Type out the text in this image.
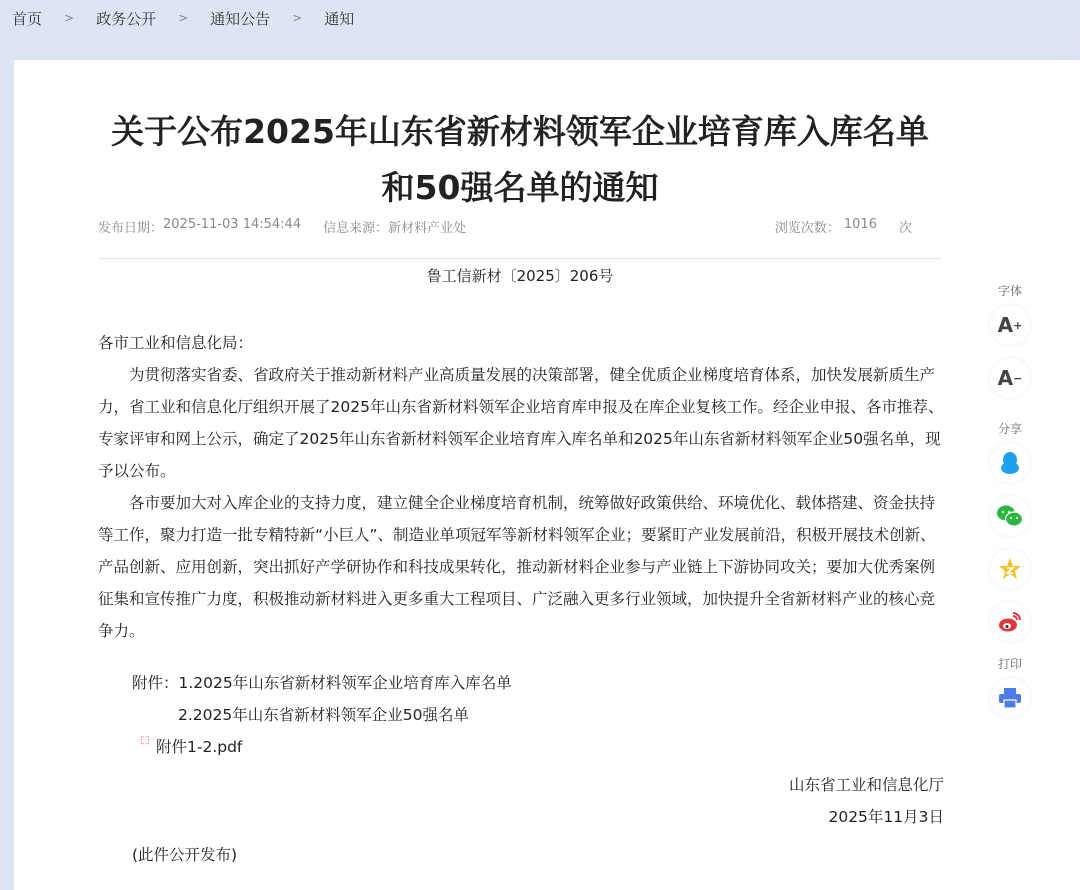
首页 > 政务公开 > 通知公告 > 通知
关于公布2025年山东省新材料领军企业培育库入库名单
和50强名单的通知
发布日期： 2025-11-03 14:54:44 信息来源： 新材料产业处	浏览次数： 1016 次
鲁工信新材〔2025〕206号

各市工业和信息化局：

为贯彻落实省委、省政府关于推动新材料产业高质量发展的决策部署，健全优质企业梯度培育体系，加快发展新质生产力，省工业和信息化厅组织开展了2025年山东省新材料领军企业培育库申报及在库企业复核工作。经企业申报、各市推荐、专家评审和网上公示，确定了2025年山东省新材料领军企业培育库入库名单和2025年山东省新材料领军企业50强名单，现予以公布。

各市要加大对入库企业的支持力度，建立健全企业梯度培育机制，统筹做好政策供给、环境优化、载体搭建、资金扶持等工作，聚力打造一批专精特新“小巨人”、制造业单项冠军等新材料领军企业；要紧盯产业发展前沿，积极开展技术创新、产品创新、应用创新，突出抓好产学研协作和科技成果转化，推动新材料企业参与产业链上下游协同攻关；要加大优秀案例征集和宣传推广力度，积极推动新材料进入更多重大工程项目、广泛融入更多行业领域，加快提升全省新材料产业的核心竞争力。

附件：1.2025年山东省新材料领军企业培育库入库名单

2.2025年山东省新材料领军企业50强名单

⬚ 附件1-2.pdf

山东省工业和信息化厅

2025年11月3日

(此件公开发布)

字体
A +
A −
分享
打印
